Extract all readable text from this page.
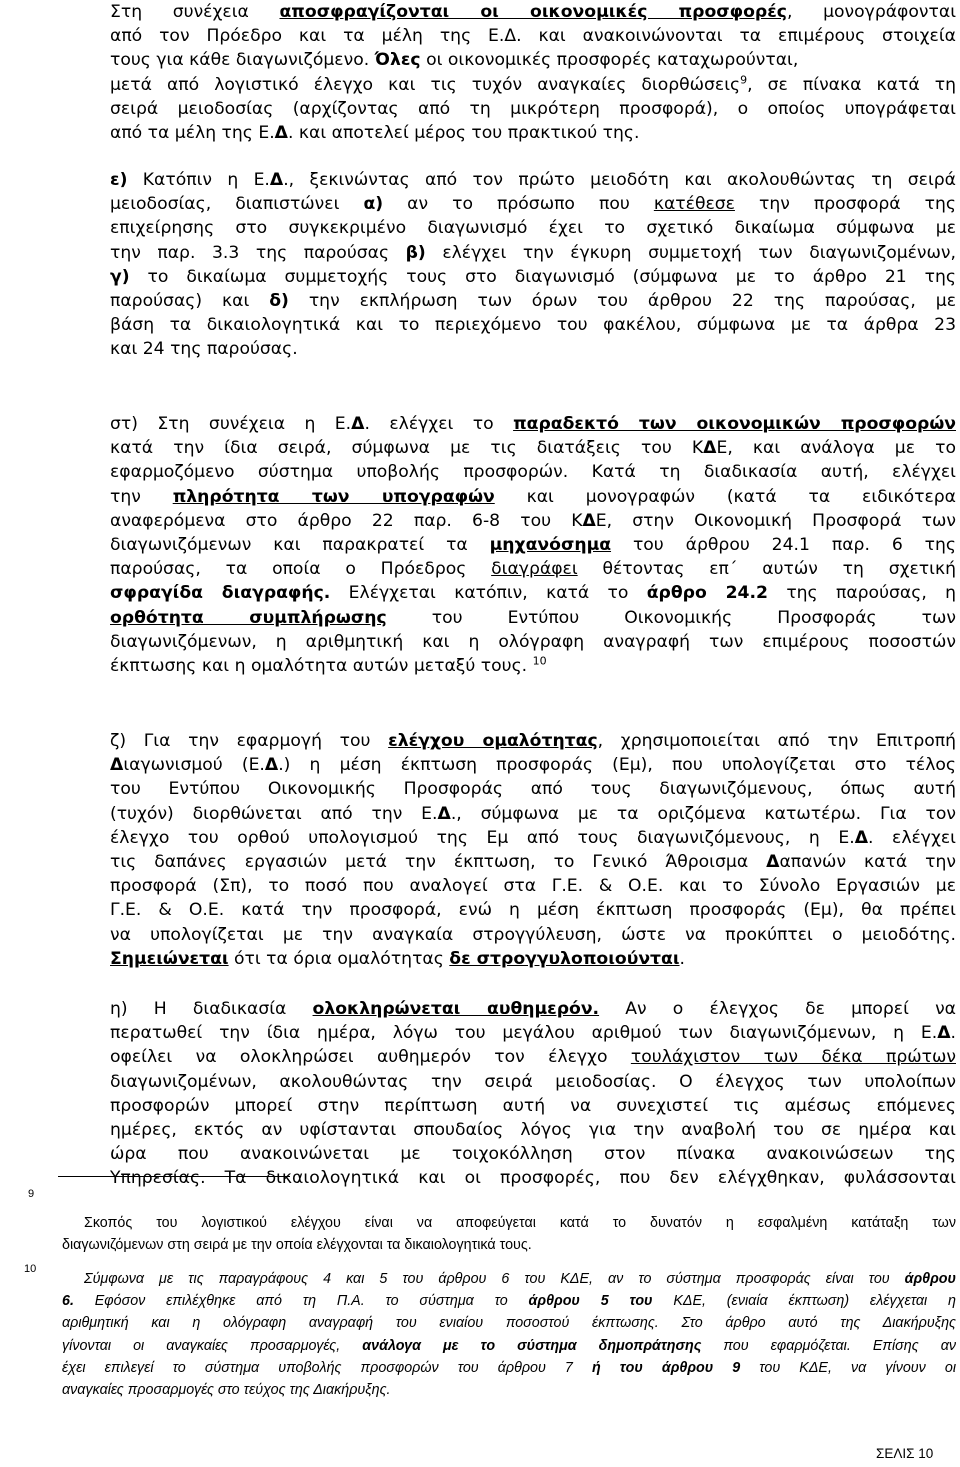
Στη συνέχεια αποσφραγίζονται οι οικονομικές προσφορές, μονογράφονται
από τον Πρόεδρο και τα μέλη της Ε.Δ. και ανακοινώνονται τα επιμέρους στοιχεία
τους για κάθε διαγωνιζόμενο. Όλες οι οικονομικές προσφορές καταχωρούνται,
μετά από λογιστικό έλεγχο και τις τυχόν αναγκαίες διορθώσεις$^9$, σε πίνακα κατά τη
σειρά μειοδοσίας (αρχίζοντας από τη μικρότερη προσφορά), ο οποίος υπογράφεται
από τα μέλη της Ε.Δ. και αποτελεί μέρος του πρακτικού της.
ε) Κατόπιν η Ε.Δ., ξεκινώντας από τον πρώτο μειοδότη και ακολουθώντας τη σειρά
μειοδοσίας, διαπιστώνει α) αν το πρόσωπο που κατέθεσε την προσφορά της
επιχείρησης στο συγκεκριμένο διαγωνισμό έχει το σχετικό δικαίωμα σύμφωνα με
την παρ. 3.3 της παρούσας β) ελέγχει την έγκυρη συμμετοχή των διαγωνιζομένων,
γ) το δικαίωμα συμμετοχής τους στο διαγωνισμό (σύμφωνα με το άρθρο 21 της
παρούσας) και δ) την εκπλήρωση των όρων του άρθρου 22 της παρούσας, με
βάση τα δικαιολογητικά και το περιεχόμενο του φακέλου, σύμφωνα με τα άρθρα 23
και 24 της παρούσας.
στ) Στη συνέχεια η Ε.Δ. ελέγχει το παραδεκτό των οικονομικών προσφορών
κατά την ίδια σειρά, σύμφωνα με τις διατάξεις του ΚΔΕ, και ανάλογα με το
εφαρμοζόμενο σύστημα υποβολής προσφορών. Κατά τη διαδικασία αυτή, ελέγχει
την πληρότητα των υπογραφών και μονογραφών (κατά τα ειδικότερα
αναφερόμενα στο άρθρο 22 παρ. 6-8 του ΚΔΕ, στην Οικονομική Προσφορά των
διαγωνιζόμενων και παρακρατεί τα μηχανόσημα του άρθρου 24.1 παρ. 6 της
παρούσας, τα οποία ο Πρόεδρος διαγράφει θέτοντας επ΄ αυτών τη σχετική
σφραγίδα διαγραφής. Ελέγχεται κατόπιν, κατά το άρθρο 24.2 της παρούσας, η
ορθότητα συμπλήρωσης του Εντύπου Οικονομικής Προσφοράς των
διαγωνιζόμενων, η αριθμητική και η ολόγραφη αναγραφή των επιμέρους ποσοστών
έκπτωσης και η ομαλότητα αυτών μεταξύ τους. $^{10}$
ζ) Για την εφαρμογή του ελέγχου ομαλότητας, χρησιμοποιείται από την Επιτροπή
Διαγωνισμού (Ε.Δ.) η μέση έκπτωση προσφοράς (Εμ), που υπολογίζεται στο τέλος
του Εντύπου Οικονομικής Προσφοράς από τους διαγωνιζόμενους, όπως αυτή
(τυχόν) διορθώνεται από την Ε.Δ., σύμφωνα με τα οριζόμενα κατωτέρω. Για τον
έλεγχο του ορθού υπολογισμού της Εμ από τους διαγωνιζόμενους, η Ε.Δ. ελέγχει
τις δαπάνες εργασιών μετά την έκπτωση, το Γενικό Άθροισμα Δαπανών κατά την
προσφορά (Σπ), το ποσό που αναλογεί στα Γ.Ε. & Ο.Ε. και το Σύνολο Εργασιών με
Γ.Ε. & Ο.Ε. κατά την προσφορά, ενώ η μέση έκπτωση προσφοράς (Εμ), θα πρέπει
να υπολογίζεται με την αναγκαία στρογγύλευση, ώστε να προκύπτει ο μειοδότης.
Σημειώνεται ότι τα όρια ομαλότητας δε στρογγυλοποιούνται.
η) Η διαδικασία ολοκληρώνεται αυθημερόν. Αν ο έλεγχος δε μπορεί να
περατωθεί την ίδια ημέρα, λόγω του μεγάλου αριθμού των διαγωνιζόμενων, η Ε.Δ.
οφείλει να ολοκληρώσει αυθημερόν τον έλεγχο τουλάχιστον των δέκα πρώτων
διαγωνιζομένων, ακολουθώντας την σειρά μειοδοσίας. Ο έλεγχος των υπολοίπων
προσφορών μπορεί στην περίπτωση αυτή να συνεχιστεί τις αμέσως επόμενες
ημέρες, εκτός αν υφίστανται σπουδαίος λόγος για την αναβολή του σε ημέρα και
ώρα που ανακοινώνεται με τοιχοκόλληση στον πίνακα ανακοινώσεων της
Υπηρεσίας. Τα δικαιολογητικά και οι προσφορές, που δεν ελέγχθηκαν, φυλάσσονται
9
Σκοπός του λογιστικού ελέγχου είναι να αποφεύγεται κατά το δυνατόν η εσφαλμένη κατάταξη των
διαγωνιζόμενων στη σειρά με την οποία ελέγχονται τα δικαιολογητικά τους.
10
Σύμφωνα με τις παραγράφους 4 και 5 του άρθρου 6 του ΚΔΕ, αν το σύστημα προσφοράς είναι του άρθρου
6. Εφόσον επιλέχθηκε από τη Π.Α. το σύστημα το άρθρου 5 του ΚΔΕ, (ενιαία έκπτωση) ελέγχεται η
αριθμητική και η ολόγραφη αναγραφή του ενιαίου ποσοστού έκπτωσης. Στο άρθρο αυτό της Διακήρυξης
γίνονται οι αναγκαίες προσαρμογές, ανάλογα με το σύστημα δημοπράτησης που εφαρμόζεται. Επίσης αν
έχει επιλεγεί το σύστημα υποβολής προσφορών του άρθρου 7 ή του άρθρου 9 του ΚΔΕ, να γίνουν οι
αναγκαίες προσαρμογές στο τεύχος της Διακήρυξης.
ΣΕΛΙΣ 10
